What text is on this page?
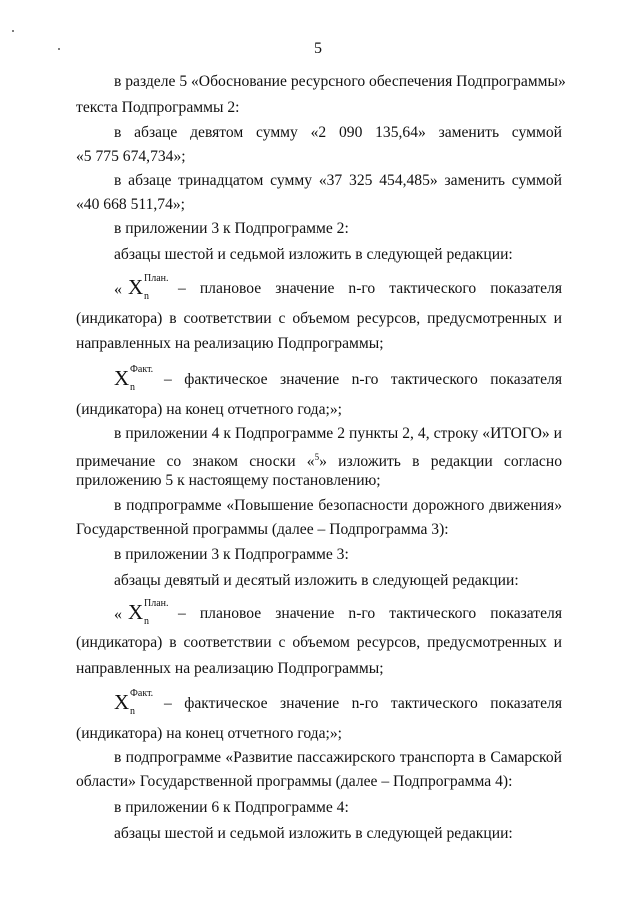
5
в разделе 5 «Обоснование ресурсного обеспечения Подпрограммы»
текста Подпрограммы 2:
в абзаце девятом сумму «2 090 135,64» заменить суммой
«5 775 674,734»;
в абзаце тринадцатом сумму «37 325 454,485» заменить суммой
«40 668 511,74»;
в приложении 3 к Подпрограмме 2:
абзацы шестой и седьмой изложить в следующей редакции:
« X План.
n – плановое значение n-го тактического показателя
(индикатора) в соответствии с объемом ресурсов, предусмотренных и
направленных на реализацию Подпрограммы;
X Факт.
n – фактическое значение n-го тактического показателя
(индикатора) на конец отчетного года;»;
в приложении 4 к Подпрограмме 2 пункты 2, 4, строку «ИТОГО» и
примечание со знаком сноски «$^5$» изложить в редакции согласно
приложению 5 к настоящему постановлению;
в подпрограмме «Повышение безопасности дорожного движения»
Государственной программы (далее – Подпрограмма 3):
в приложении 3 к Подпрограмме 3:
абзацы девятый и десятый изложить в следующей редакции:
« X План.
n – плановое значение n-го тактического показателя
(индикатора) в соответствии с объемом ресурсов, предусмотренных и
направленных на реализацию Подпрограммы;
X Факт.
n – фактическое значение n-го тактического показателя
(индикатора) на конец отчетного года;»;
в подпрограмме «Развитие пассажирского транспорта в Самарской
области» Государственной программы (далее – Подпрограмма 4):
в приложении 6 к Подпрограмме 4:
абзацы шестой и седьмой изложить в следующей редакции:
